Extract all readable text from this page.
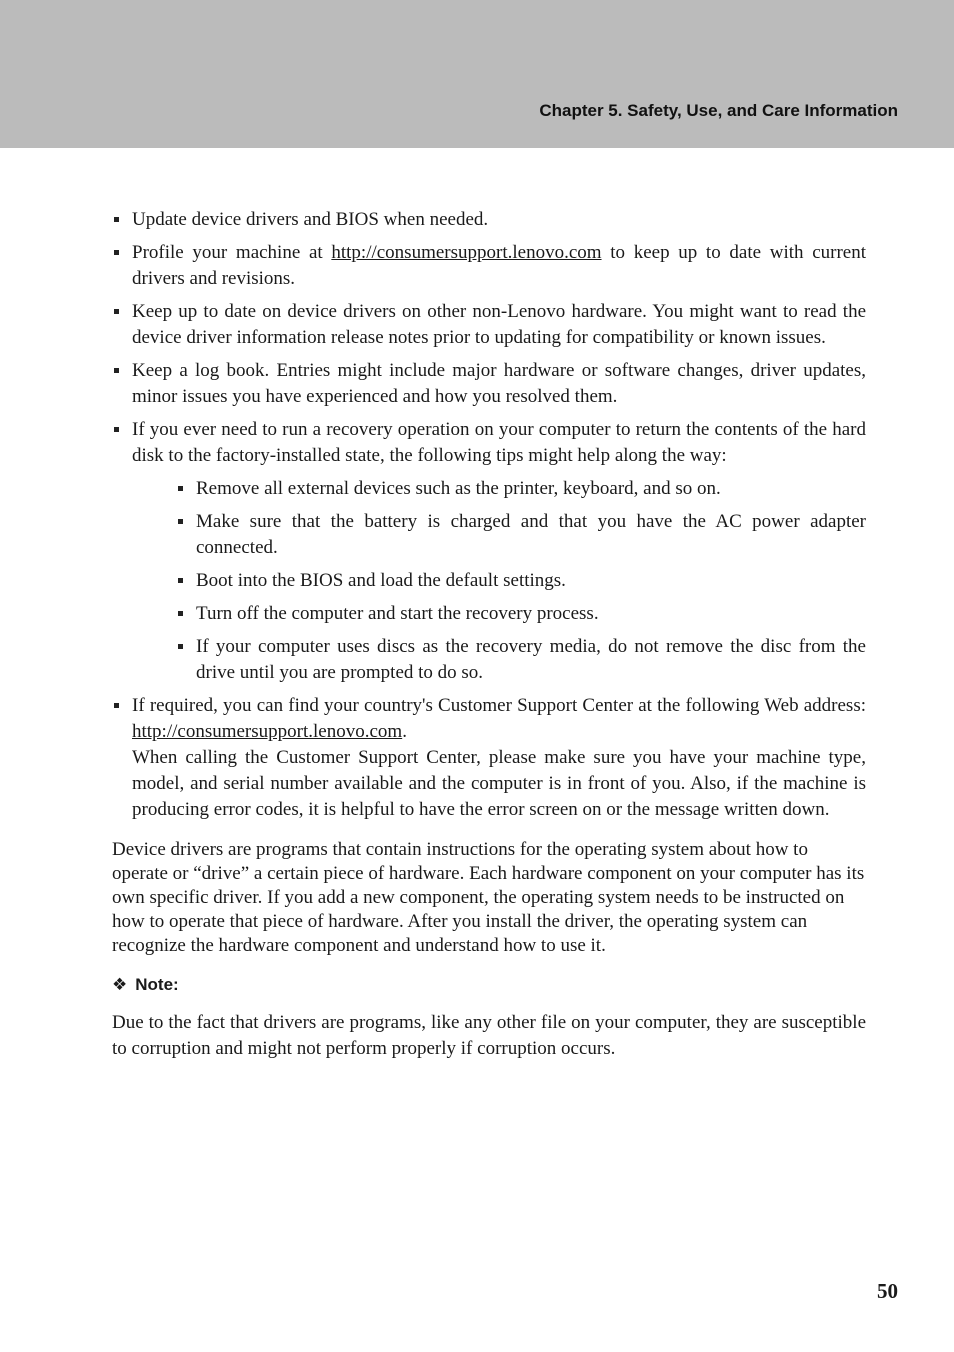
Chapter 5. Safety, Use, and Care Information
Update device drivers and BIOS when needed.
Profile your machine at http://consumersupport.lenovo.com to keep up to date with current drivers and revisions.
Keep up to date on device drivers on other non-Lenovo hardware. You might want to read the device driver information release notes prior to updating for compatibility or known issues.
Keep a log book. Entries might include major hardware or software changes, driver updates, minor issues you have experienced and how you resolved them.
If you ever need to run a recovery operation on your computer to return the contents of the hard disk to the factory-installed state, the following tips might help along the way:
Remove all external devices such as the printer, keyboard, and so on.
Make sure that the battery is charged and that you have the AC power adapter connected.
Boot into the BIOS and load the default settings.
Turn off the computer and start the recovery process.
If your computer uses discs as the recovery media, do not remove the disc from the drive until you are prompted to do so.
If required, you can find your country's Customer Support Center at the following Web address: http://consumersupport.lenovo.com.
When calling the Customer Support Center, please make sure you have your machine type, model, and serial number available and the computer is in front of you. Also, if the machine is producing error codes, it is helpful to have the error screen on or the message written down.
Device drivers are programs that contain instructions for the operating system about how to operate or “drive” a certain piece of hardware. Each hardware component on your computer has its own specific driver. If you add a new component, the operating system needs to be instructed on how to operate that piece of hardware. After you install the driver, the operating system can recognize the hardware component and understand how to use it.
❖ Note:
Due to the fact that drivers are programs, like any other file on your computer, they are susceptible to corruption and might not perform properly if corruption occurs.
50
